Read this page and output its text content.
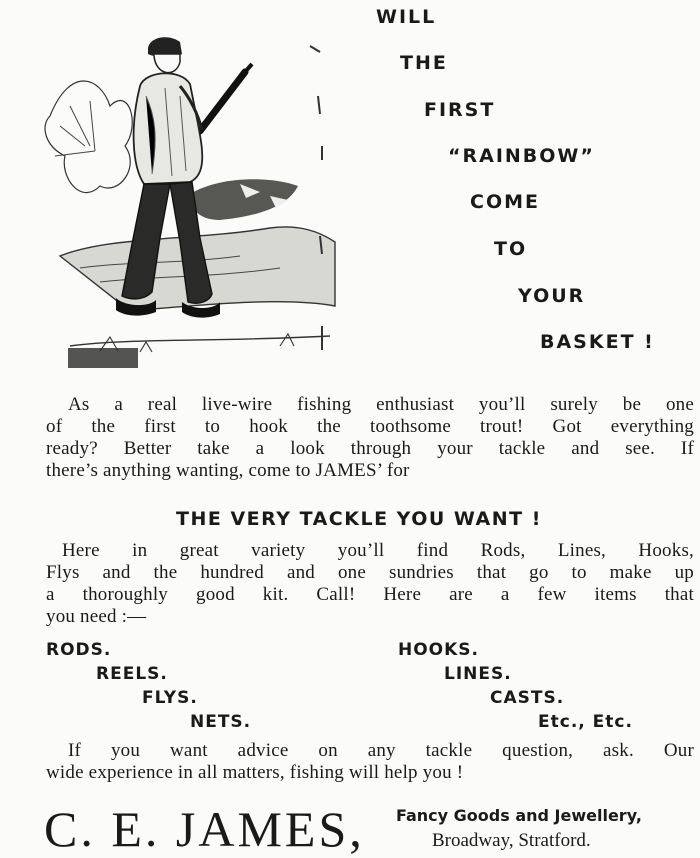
WILL
THE
FIRST
“RAINBOW”
COME
TO
YOUR
BASKET !
As a real live-wire fishing enthusiast you’ll surely be one
of the first to hook the toothsome trout! Got everything
ready? Better take a look through your tackle and see. If
there’s anything wanting, come to JAMES’ for
THE VERY TACKLE YOU WANT !
Here in great variety you’ll find Rods, Lines, Hooks,
Flys and the hundred and one sundries that go to make up
a thoroughly good kit. Call! Here are a few items that
you need :—
RODS.
REELS.
FLYS.
NETS.
HOOKS.
LINES.
CASTS.
Etc., Etc.
If you want advice on any tackle question, ask. Our
wide experience in all matters, fishing will help you !
C. E. JAMES, Fancy Goods and Jewellery,
Broadway, Stratford.
